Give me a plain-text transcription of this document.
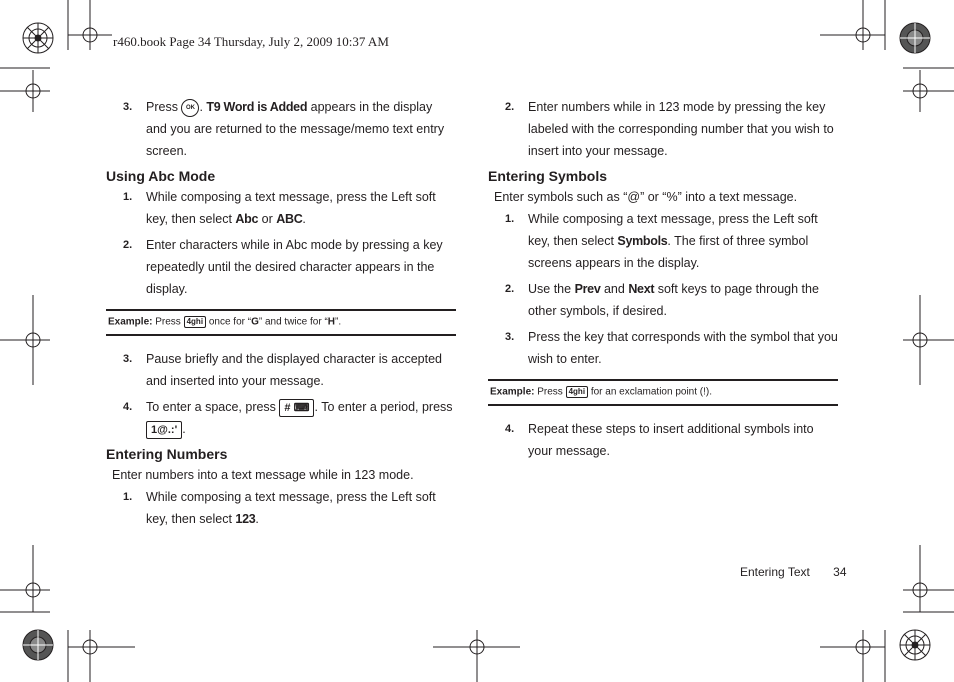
r460.book Page 34 Thursday, July 2, 2009 10:37 AM
3. Press OK . T9 Word is Added appears in the display and you are returned to the message/memo text entry screen.
Using Abc Mode
1. While composing a text message, press the Left soft key, then select Abc or ABC.
2. Enter characters while in Abc mode by pressing a key repeatedly until the desired character appears in the display.
Example: Press 4ghi once for “G” and twice for “H”.
3. Pause briefly and the displayed character is accepted and inserted into your message.
4. To enter a space, press # ⌨ . To enter a period, press 1@.:' .
Entering Numbers
Enter numbers into a text message while in 123 mode.
1. While composing a text message, press the Left soft key, then select 123.
2. Enter numbers while in 123 mode by pressing the key labeled with the corresponding number that you wish to insert into your message.
Entering Symbols
Enter symbols such as “@” or “%” into a text message.
1. While composing a text message, press the Left soft key, then select Symbols. The first of three symbol screens appears in the display.
2. Use the Prev and Next soft keys to page through the other symbols, if desired.
3. Press the key that corresponds with the symbol that you wish to enter.
Example: Press 4ghi for an exclamation point (!).
4. Repeat these steps to insert additional symbols into your message.
Entering Text 34
